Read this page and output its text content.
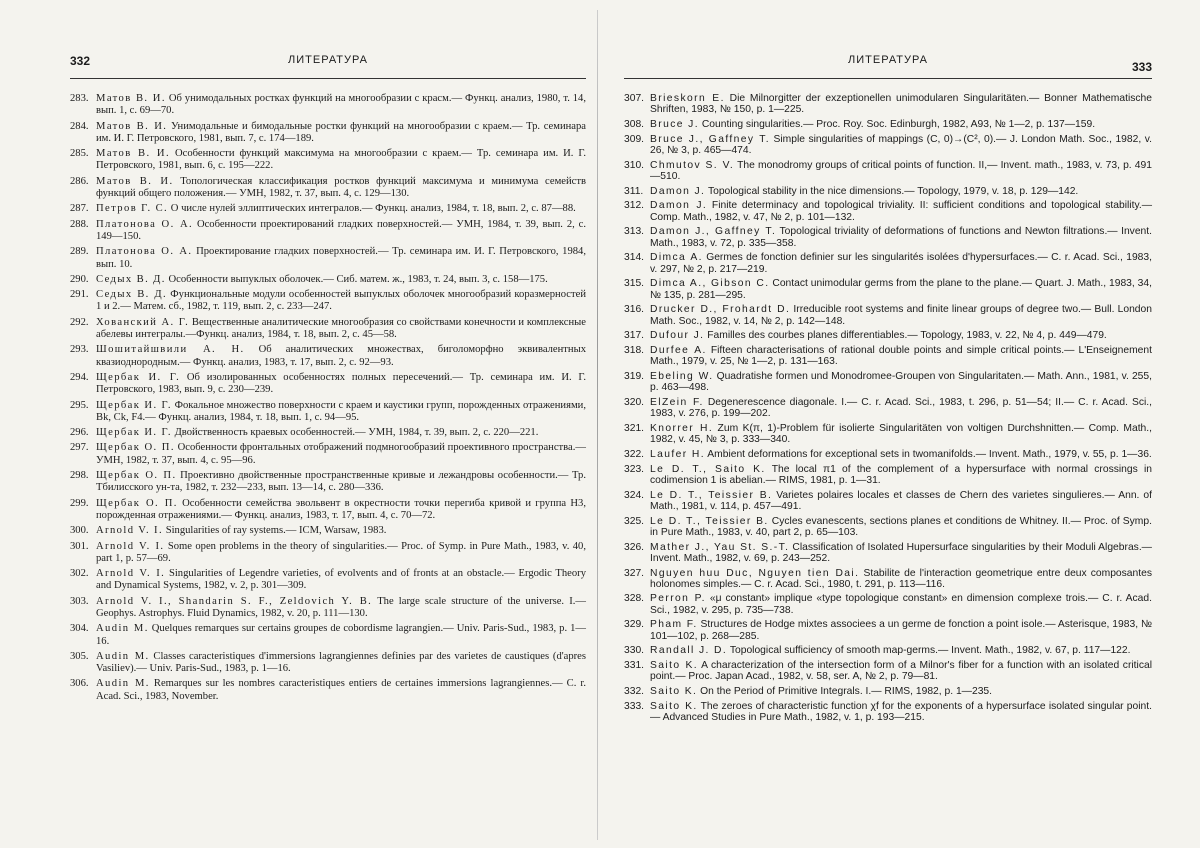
332	ЛИТЕРАТУРА
283. Матов В. И. Об унимодальных ростках функций на многообразии с красм.— Функц. анализ, 1980, т. 14, вып. 1, с. 69—70.
284. Матов В. И. Унимодальные и бимодальные ростки функций на многообразии с краем.— Тр. семинара им. И. Г. Петровского, 1981, вып. 7, с. 174—189.
285. Матов В. И. Особенности функций максимума на многообразии с краем.— Тр. семинара им. И. Г. Петровского, 1981, вып. 6, с. 195—222.
286. Матов В. И. Топологическая классификация ростков функций максимума и минимума семейств функций общего положения.— УМН, 1982, т. 37, вып. 4, с. 129—130.
287. Петров Г. С. О числе нулей эллиптических интегралов.— Функц. анализ, 1984, т. 18, вып. 2, с. 87—88.
288. Платонова О. А. Особенности проектирований гладких поверхностей.— УМН, 1984, т. 39, вып. 2, с. 149—150.
289. Платонова О. А. Проектирование гладких поверхностей.— Тр. семинара им. И. Г. Петровского, 1984, вып. 10.
290. Седых В. Д. Особенности выпуклых оболочек.— Сиб. матем. ж., 1983, т. 24, вып. 3, с. 158—175.
291. Седых В. Д. Функциональные модули особенностей выпуклых оболочек многообразий коразмерностей 1 и 2.— Матем. сб., 1982, т. 119, вып. 2, с. 233—247.
292. Хованский А. Г. Вещественные аналитические многообразия со свойствами конечности и комплексные абелевы интегралы.—Функц. анализ, 1984, т. 18, вып. 2, с. 45—58.
293. Шошитайшвили А. Н. Об аналитических множествах, биголоморфно эквивалентных квазиоднородным.— Функц. анализ, 1983, т. 17, вып. 2, с. 92—93.
294. Щербак И. Г. Об изолированных особенностях полных пересечений.— Тр. семинара им. И. Г. Петровского, 1983, вып. 9, с. 230—239.
295. Щербак И. Г. Фокальное множество поверхности с краем и каустики групп, порожденных отражениями, Bk, Ck, F4.— Функц. анализ, 1984, т. 18, вып. 1, с. 94—95.
296. Щербак И. Г. Двойственность краевых особенностей.— УМН, 1984, т. 39, вып. 2, с. 220—221.
297. Щербак О. П. Особенности фронтальных отображений подмногообразий проективного пространства.— УМН, 1982, т. 37, вып. 4, с. 95—96.
298. Щербак О. П. Проективно двойственные пространственные кривые и лежандровы особенности.— Тр. Тбилисского ун-та, 1982, т. 232—233, вып. 13—14, с. 280—336.
299. Щербак О. П. Особенности семейства эвольвент в окрестности точки перегиба кривой и группа H3, порожденная отражениями.— Функц. анализ, 1983, т. 17, вып. 4, с. 70—72.
300. Arnold V. I. Singularities of ray systems.— ICM, Warsaw, 1983.
301. Arnold V. I. Some open problems in the theory of singularities.— Proc. of Symp. in Pure Math., 1983, v. 40, part 1, p. 57—69.
302. Arnold V. I. Singularities of Legendre varieties, of evolvents and of fronts at an obstacle.— Ergodic Theory and Dynamical Systems, 1982, v. 2, p. 301—309.
303. Arnold V. I., Shandarin S. F., Zeldovich Y. B. The large scale structure of the universe. I.— Geophys. Astrophys. Fluid Dynamics, 1982, v. 20, p. 111—130.
304. Audin M. Quelques remarques sur certains groupes de cobordisme lagrangien.— Univ. Paris-Sud., 1983, p. 1—16.
305. Audin M. Classes caracteristiques d'immersions lagrangiennes definies par des varietes de caustiques (d'apres Vasiliev).— Univ. Paris-Sud., 1983, p. 1—16.
306. Audin M. Remarques sur les nombres caracteristiques entiers de certaines immersions lagrangiennes.— C. r. Acad. Sci., 1983, November.
ЛИТЕРАТУРА	333
307. Brieskorn E. Die Milnorgitter der exzeptionellen unimodularen Singularitäten.— Bonner Mathematische Shriften, 1983, № 150, p. 1—225.
308. Bruce J. Counting singularities.— Proc. Roy. Soc. Edinburgh, 1982, A93, № 1—2, p. 137—159.
309. Bruce J., Gaffney T. Simple singularities of mappings (C, 0)→(C², 0).— J. London Math. Soc., 1982, v. 26, № 3, p. 465—474.
310. Chmutov S. V. The monodromy groups of critical points of function. II,— Invent. math., 1983, v. 73, p. 491—510.
311. Damon J. Topological stability in the nice dimensions.— Topology, 1979, v. 18, p. 129—142.
312. Damon J. Finite determinacy and topological triviality. II: sufficient conditions and topological stability.— Comp. Math., 1982, v. 47, № 2, p. 101—132.
313. Damon J., Gaffney T. Topological triviality of deformations of functions and Newton filtrations.— Invent. Math., 1983, v. 72, p. 335—358.
314. Dimca A. Germes de fonction definier sur les singularités isolées d'hypersurfaces.— C. r. Acad. Sci., 1983, v. 297, № 2, p. 217—219.
315. Dimca A., Gibson C. Contact unimodular germs from the plane to the plane.— Quart. J. Math., 1983, 34, № 135, p. 281—295.
316. Drucker D., Frohardt D. Irreducible root systems and finite linear groups of degree two.— Bull. London Math. Soc., 1982, v. 14, № 2, p. 142—148.
317. Dufour J. Familles des courbes planes differentiables.— Topology, 1983, v. 22, № 4, p. 449—479.
318. Durfee A. Fifteen characterisations of rational double points and simple critical points.— L'Enseignement Math., 1979, v. 25, № 1—2, p. 131—163.
319. Ebeling W. Quadratishe formen und Monodromee-Groupen von Singularitaten.— Math. Ann., 1981, v. 255, p. 463—498.
320. ElZein F. Degenerescence diagonale. I.— C. r. Acad. Sci., 1983, t. 296, p. 51—54; II.— C. r. Acad. Sci., 1983, v. 276, p. 199—202.
321. Knorrer H. Zum K(π, 1)-Problem für isolierte Singularitäten von voltigen Durchshnitten.— Comp. Math., 1982, v. 45, № 3, p. 333—340.
322. Laufer H. Ambient deformations for exceptional sets in twomanifolds.— Invent. Math., 1979, v. 55, p. 1—36.
323. Le D. T., Saito K. The local π1 of the complement of a hypersurface with normal crossings in codimension 1 is abelian.— RIMS, 1981, p. 1—31.
324. Le D. T., Teissier B. Varietes polaires locales et classes de Chern des varietes singulieres.— Ann. of Math., 1981, v. 114, p. 457—491.
325. Le D. T., Teissier B. Cycles evanescents, sections planes et conditions de Whitney. II.— Proc. of Symp. in Pure Math., 1983, v. 40, part 2, p. 65—103.
326. Mather J., Yau St. S.-T. Classification of Isolated Hupersurface singularities by their Moduli Algebras.— Invent. Math., 1982, v. 69, p. 243—252.
327. Nguyen huu Duc, Nguyen tien Dai. Stabilite de l'interaction geometrique entre deux composantes holonomes simples.— C. r. Acad. Sci., 1980, t. 291, p. 113—116.
328. Perron P. «μ constant» implique «type topologique constant» en dimension complexe trois.— C. r. Acad. Sci., 1982, v. 295, p. 735—738.
329. Pham F. Structures de Hodge mixtes associees a un germe de fonction a point isole.— Asterisque, 1983, № 101—102, p. 268—285.
330. Randall J. D. Topological sufficiency of smooth map-germs.— Invent. Math., 1982, v. 67, p. 117—122.
331. Saito K. A characterization of the intersection form of a Milnor's fiber for a function with an isolated critical point.— Proc. Japan Acad., 1982, v. 58, ser. A, № 2, p. 79—81.
332. Saito K. On the Period of Primitive Integrals. I.— RIMS, 1982, p. 1—235.
333. Saito K. The zeroes of characteristic function χf for the exponents of a hypersurface isolated singular point.— Advanced Studies in Pure Math., 1982, v. 1, p. 193—215.
